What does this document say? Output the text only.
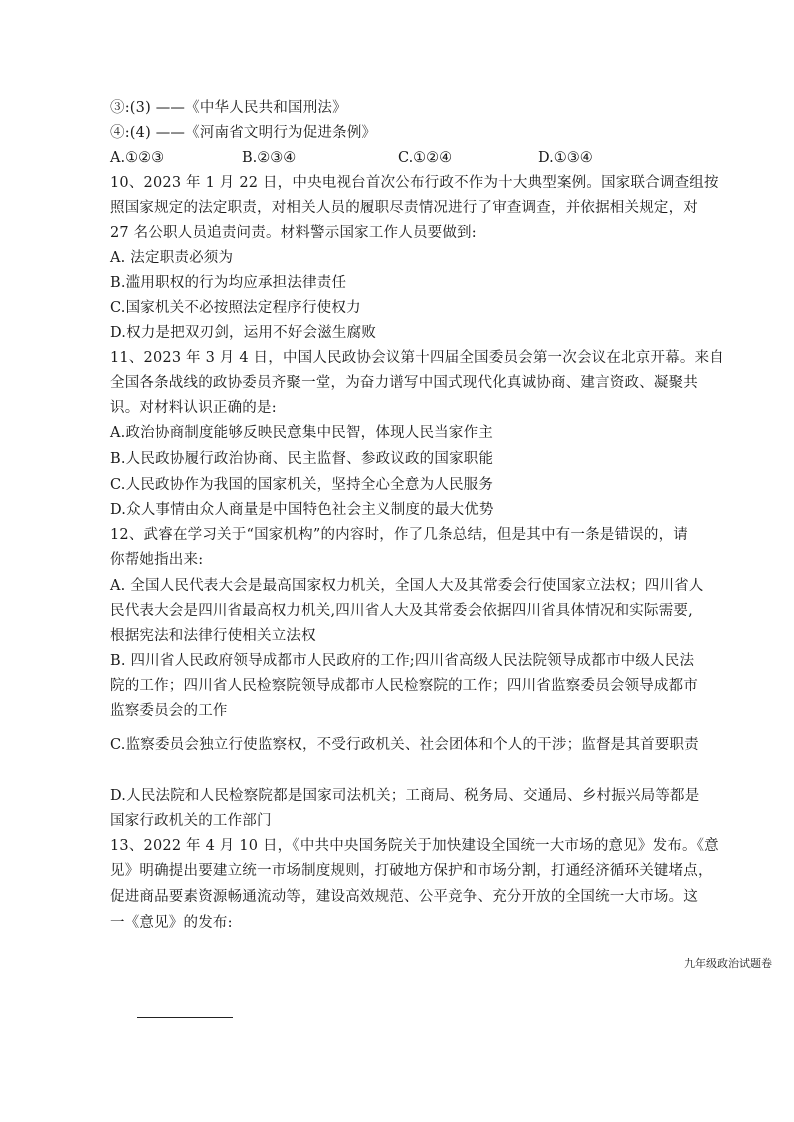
③:(3) ——《中华人民共和国刑法》
④:(4) ——《河南省文明行为促进条例》
A.①②③	B.②③④	C.①②④	D.①③④
10、2023 年 1 月 22 日，中央电视台首次公布行政不作为十大典型案例。国家联合调查组按
照国家规定的法定职责，对相关人员的履职尽责情况进行了审查调查，并依据相关规定，对
27 名公职人员追责问责。材料警示国家工作人员要做到:
A. 法定职责必须为
B.滥用职权的行为均应承担法律责任
C.国家机关不必按照法定程序行使权力
D.权力是把双刃剑，运用不好会滋生腐败
11、2023 年 3 月 4 日，中国人民政协会议第十四届全国委员会第一次会议在北京开幕。来自
全国各条战线的政协委员齐聚一堂，为奋力谱写中国式现代化真诚协商、建言资政、凝聚共
识。对材料认识正确的是:
A.政治协商制度能够反映民意集中民智，体现人民当家作主
B.人民政协履行政治协商、民主监督、参政议政的国家职能
C.人民政协作为我国的国家机关，坚持全心全意为人民服务
D.众人事情由众人商量是中国特色社会主义制度的最大优势
12、武睿在学习关于“国家机构”的内容时，作了几条总结，但是其中有一条是错误的，请
你帮她指出来:
A. 全国人民代表大会是最高国家权力机关，全国人大及其常委会行使国家立法权；四川省人
民代表大会是四川省最高权力机关,四川省人大及其常委会依据四川省具体情况和实际需要,
根据宪法和法律行使相关立法权
B. 四川省人民政府领导成都市人民政府的工作;四川省高级人民法院领导成都市中级人民法
院的工作；四川省人民检察院领导成都市人民检察院的工作；四川省监察委员会领导成都市
监察委员会的工作
C.监察委员会独立行使监察权，不受行政机关、社会团体和个人的干涉；监督是其首要职责
D.人民法院和人民检察院都是国家司法机关；工商局、税务局、交通局、乡村振兴局等都是
国家行政机关的工作部门
13、2022 年 4 月 10 日，《中共中央国务院关于加快建设全国统一大市场的意见》发布。《意
见》明确提出要建立统一市场制度规则，打破地方保护和市场分割，打通经济循环关键堵点，
促进商品要素资源畅通流动等，建设高效规范、公平竞争、充分开放的全国统一大市场。这
一《意见》的发布:
九年级政治试题卷
